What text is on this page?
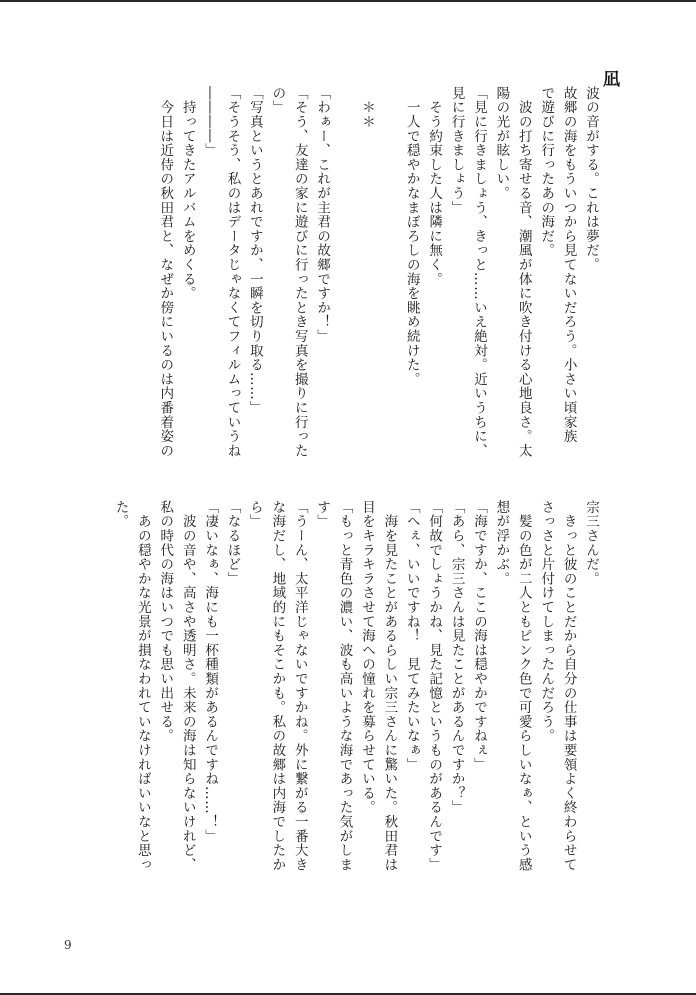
凪
波の音がする。これは夢だ。
故郷の海をもういつから見てないだろう。小さい頃家族
で遊びに行ったあの海だ。
　波の打ち寄せる音、潮風が体に吹き付ける心地良さ。太
陽の光が眩しい。
「見に行きましょう、きっと……いえ絶対。近いうちに、
見に行きましょう」
　そう約束した人は隣に無く。
　一人で穏やかなまぼろしの海を眺め続けた。
　＊＊
「わぁー、これが主君の故郷ですか！」
「そう、友達の家に遊びに行ったとき写真を撮りに行った
の」
「写真というとあれですか、一瞬を切り取る……」
「そうそう、私のはデータじゃなくてフィルムっていうね
――――」
　持ってきたアルバムをめくる。
　今日は近侍の秋田君と、なぜか傍にいるのは内番着姿の
宗三さんだ。
　きっと彼のことだから自分の仕事は要領よく終わらせて
さっさと片付けてしまったんだろう。
　髪の色が二人ともピンク色で可愛らしいなぁ、という感
想が浮かぶ。
「海ですか、ここの海は穏やかですねぇ」
「あら、宗三さんは見たことがあるんですか？」
「何故でしょうかね、見た記憶というものがあるんです」
「へぇ、いいですね！　見てみたいなぁ」
　海を見たことがあるらしい宗三さんに驚いた。秋田君は
目をキラキラさせて海への憧れを募らせている。
「もっと青色の濃い、波も高いような海であった気がしま
す」
「うーん、太平洋じゃないですかね。外に繋がる一番大き
な海だし、地域的にもそこかも。私の故郷は内海でしたか
ら」
「なるほど」
「凄いなぁ、海にも一杯種類があるんですね……！」
　波の音や、高さや透明さ。未来の海は知らないけれど、
私の時代の海はいつでも思い出せる。
　あの穏やかな光景が損なわれていなければいいなと思っ
た。
9
